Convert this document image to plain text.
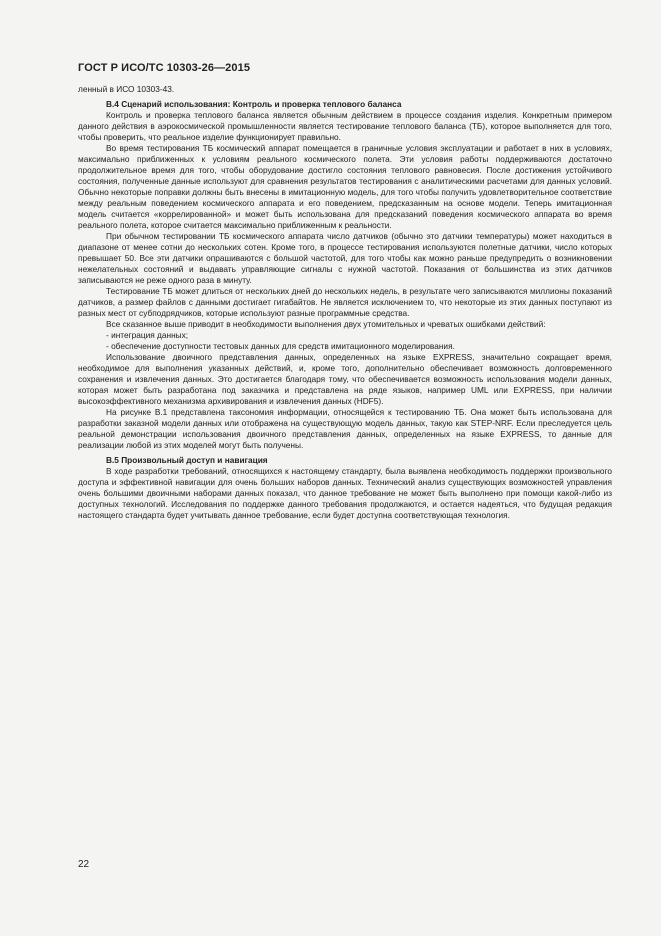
ГОСТ Р ИСО/ТС 10303-26—2015

ленный в ИСО 10303-43.

В.4 Сценарий использования: Контроль и проверка теплового баланса

Контроль и проверка теплового баланса является обычным действием в процессе создания изделия. Конкретным примером данного действия в аэрокосмической промышленности является тестирование теплового баланса (ТБ), которое выполняется для того, чтобы проверить, что реальное изделие функционирует правильно.

Во время тестирования ТБ космический аппарат помещается в граничные условия эксплуатации и работает в них в условиях, максимально приближенных к условиям реального космического полета. Эти условия работы поддерживаются достаточно продолжительное время для того, чтобы оборудование достигло состояния теплового равновесия. После достижения устойчивого состояния, полученные данные используют для сравнения результатов тестирования с аналитическими расчетами для данных условий. Обычно некоторые поправки должны быть внесены в имитационную модель, для того чтобы получить удовлетворительное соответствие между реальным поведением космического аппарата и его поведением, предсказанным на основе модели. Теперь имитационная модель считается «коррелированной» и может быть использована для предсказаний поведения космического аппарата во время реального полета, которое считается максимально приближенным к реальности.

При обычном тестировании ТБ космического аппарата число датчиков (обычно это датчики температуры) может находиться в диапазоне от менее сотни до нескольких сотен. Кроме того, в процессе тестирования используются полетные датчики, число которых превышает 50. Все эти датчики опрашиваются с большой частотой, для того чтобы как можно раньше предупредить о возникновении нежелательных состояний и выдавать управляющие сигналы с нужной частотой. Показания от большинства из этих датчиков записываются не реже одного раза в минуту.

Тестирование ТБ может длиться от нескольких дней до нескольких недель, в результате чего записываются миллионы показаний датчиков, а размер файлов с данными достигает гигабайтов. Не является исключением то, что некоторые из этих данных поступают из разных мест от субподрядчиков, которые используют разные программные средства.

Все сказанное выше приводит в необходимости выполнения двух утомительных и чреватых ошибками действий:

- интеграция данных;

- обеспечение доступности тестовых данных для средств имитационного моделирования.

Использование двоичного представления данных, определенных на языке EXPRESS, значительно сокращает время, необходимое для выполнения указанных действий, и, кроме того, дополнительно обеспечивает возможность долговременного сохранения и извлечения данных. Это достигается благодаря тому, что обеспечивается возможность использования модели данных, которая может быть разработана под заказчика и представлена на ряде языков, например UML или EXPRESS, при наличии высокоэффективного механизма архивирования и извлечения данных (HDF5).

На рисунке В.1 представлена таксономия информации, относящейся к тестированию ТБ. Она может быть использована для разработки заказной модели данных или отображена на существующую модель данных, такую как STEP-NRF. Если преследуется цель реальной демонстрации использования двоичного представления данных, определенных на языке EXPRESS, то данные для реализации любой из этих моделей могут быть получены.

В.5 Произвольный доступ и навигация

В ходе разработки требований, относящихся к настоящему стандарту, была выявлена необходимость поддержки произвольного доступа и эффективной навигации для очень больших наборов данных. Технический анализ существующих возможностей управления очень большими двоичными наборами данных показал, что данное требование не может быть выполнено при помощи какой-либо из доступных технологий. Исследования по поддержке данного требования продолжаются, и остается надеяться, что будущая редакция настоящего стандарта будет учитывать данное требование, если будет доступна соответствующая технология.

22
